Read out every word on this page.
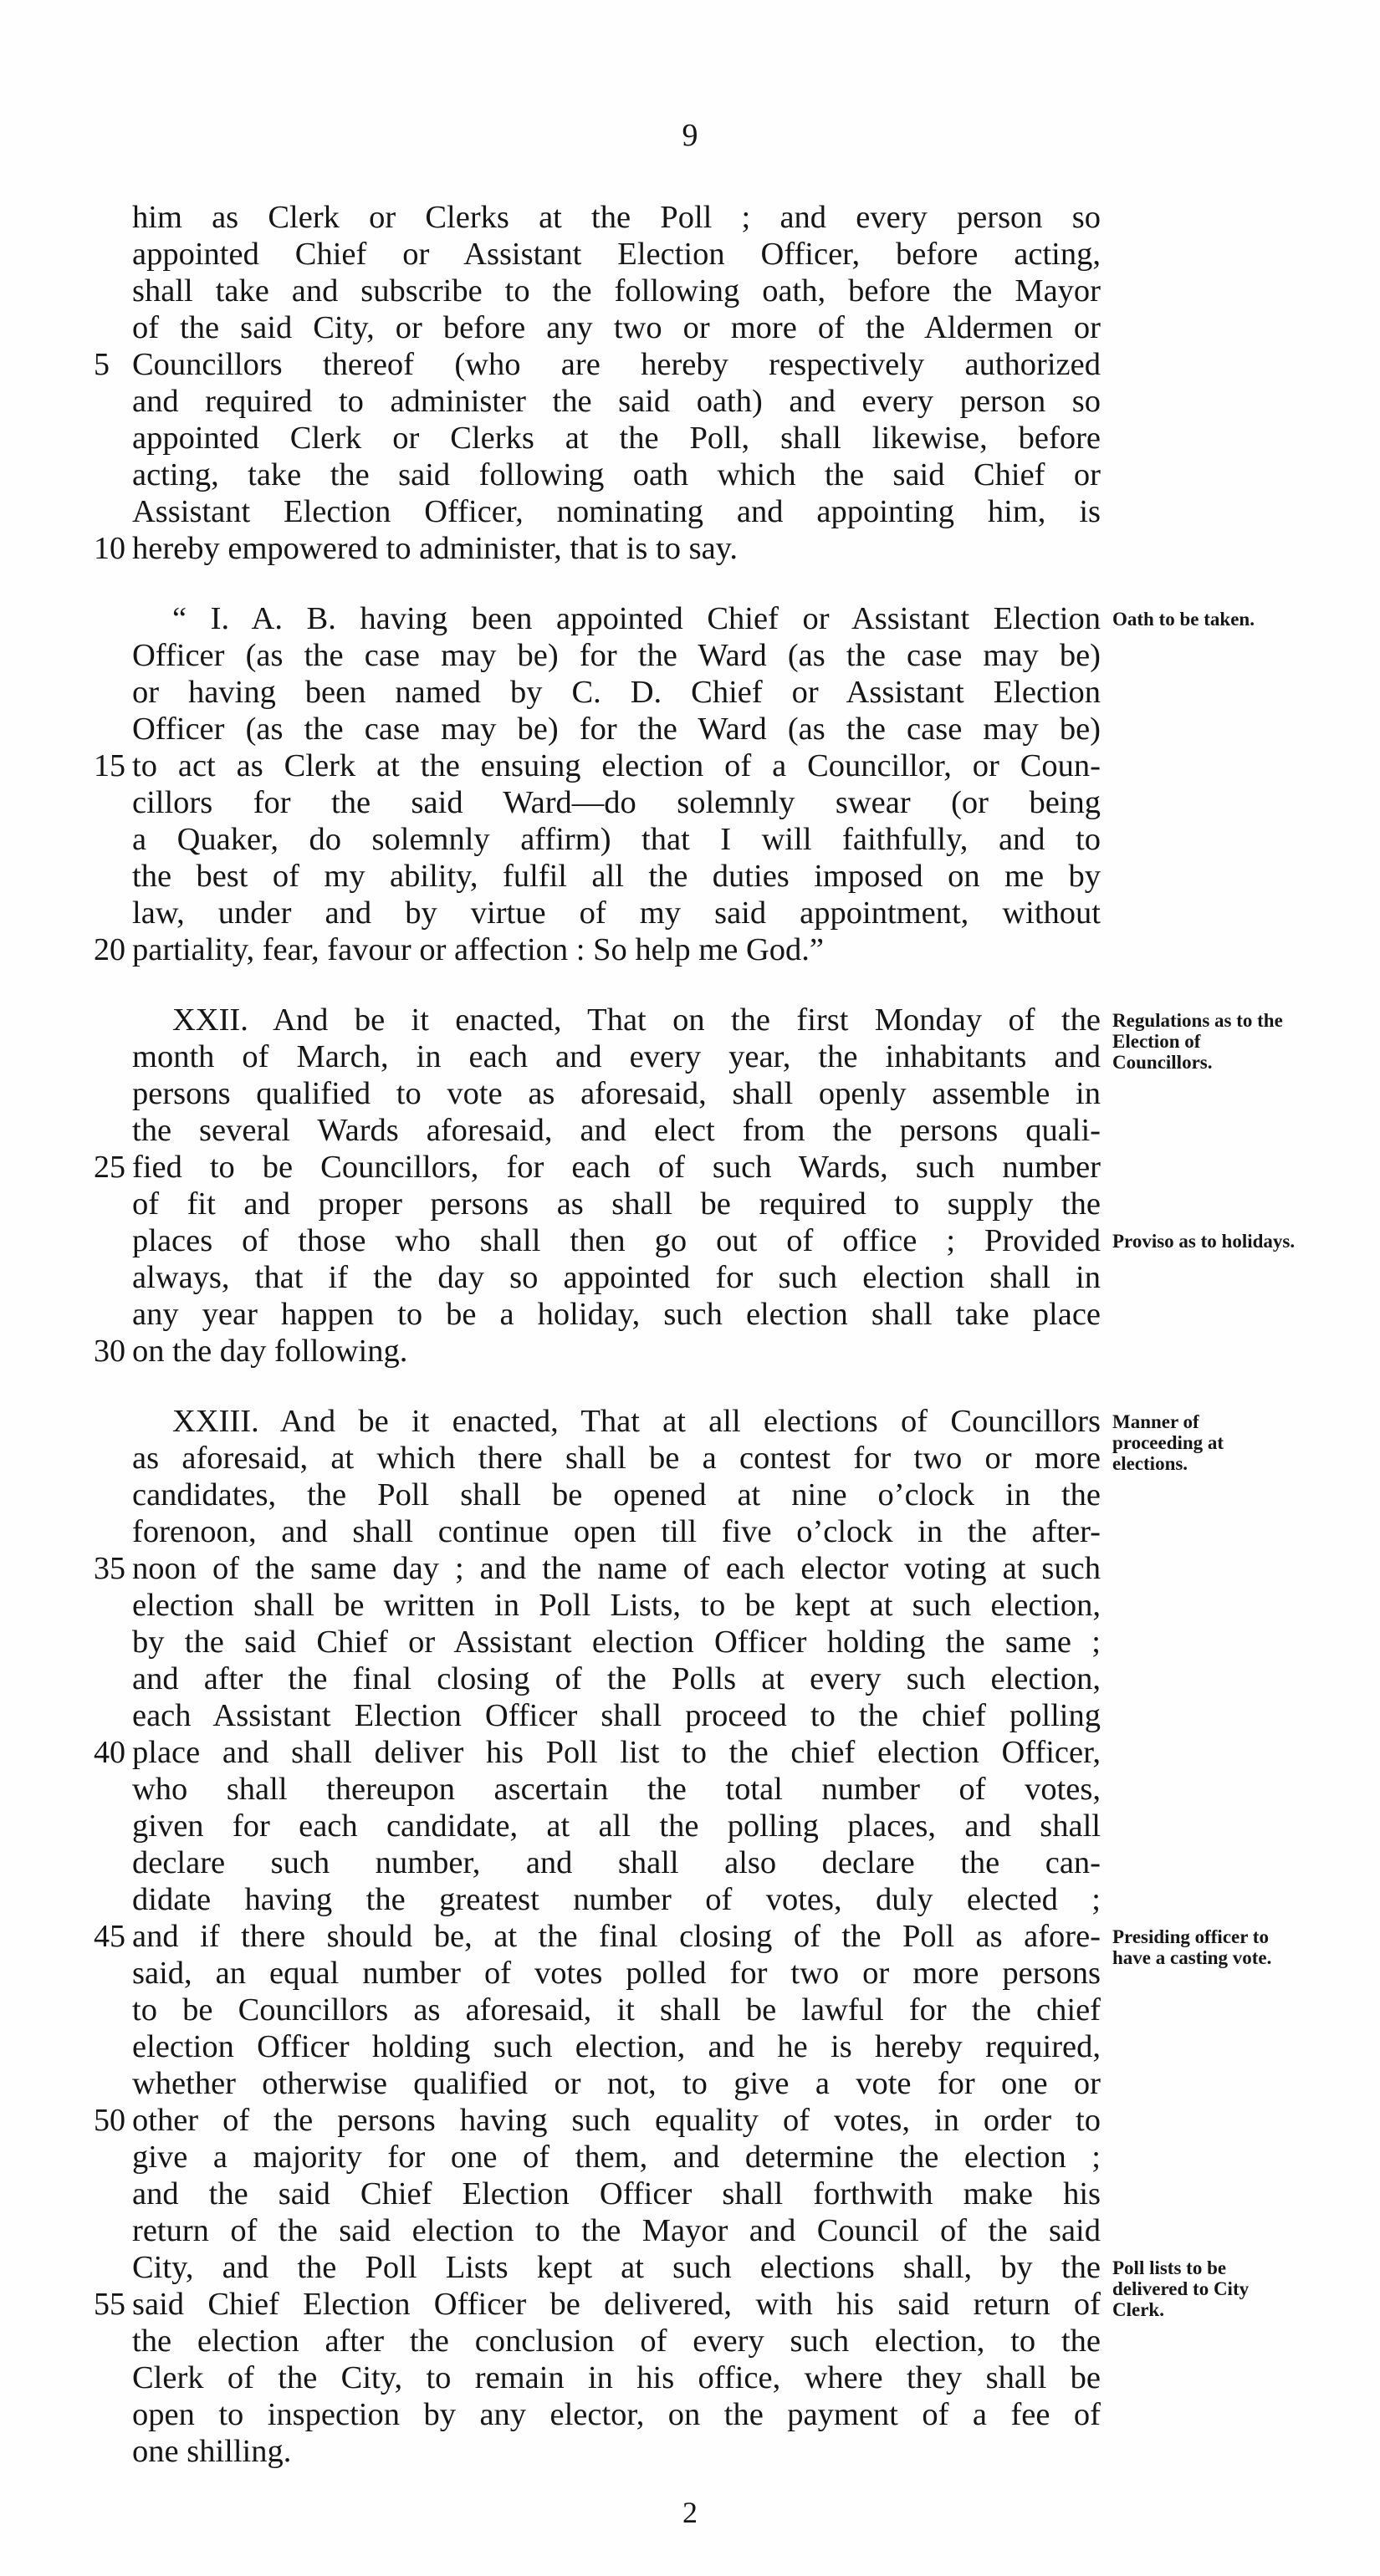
9
him as Clerk or Clerks at the Poll ; and every person so
appointed Chief or Assistant Election Officer, before acting,
shall take and subscribe to the following oath, before the Mayor
of the said City, or before any two or more of the Aldermen or
Councillors thereof (who are hereby respectively authorized
and required to administer the said oath) and every person so
appointed Clerk or Clerks at the Poll, shall likewise, before
acting, take the said following oath which the said Chief or
Assistant Election Officer, nominating and appointing him, is
hereby empowered to administer, that is to say.
“ I. A. B. having been appointed Chief or Assistant Election
Officer (as the case may be) for the Ward (as the case may be)
or having been named by C. D. Chief or Assistant Election
Officer (as the case may be) for the Ward (as the case may be)
to act as Clerk at the ensuing election of a Councillor, or Coun-
cillors for the said Ward—do solemnly swear (or being
a Quaker, do solemnly affirm) that I will faithfully, and to
the best of my ability, fulfil all the duties imposed on me by
law, under and by virtue of my said appointment, without
partiality, fear, favour or affection : So help me God.”
XXII. And be it enacted, That on the first Monday of the
month of March, in each and every year, the inhabitants and
persons qualified to vote as aforesaid, shall openly assemble in
the several Wards aforesaid, and elect from the persons quali-
fied to be Councillors, for each of such Wards, such number
of fit and proper persons as shall be required to supply the
places of those who shall then go out of office ; Provided
always, that if the day so appointed for such election shall in
any year happen to be a holiday, such election shall take place
on the day following.
XXIII. And be it enacted, That at all elections of Councillors
as aforesaid, at which there shall be a contest for two or more
candidates, the Poll shall be opened at nine o’clock in the
forenoon, and shall continue open till five o’clock in the after-
noon of the same day ; and the name of each elector voting at such
election shall be written in Poll Lists, to be kept at such election,
by the said Chief or Assistant election Officer holding the same ;
and after the final closing of the Polls at every such election,
each Assistant Election Officer shall proceed to the chief polling
place and shall deliver his Poll list to the chief election Officer,
who shall thereupon ascertain the total number of votes,
given for each candidate, at all the polling places, and shall
declare such number, and shall also declare the can-
didate having the greatest number of votes, duly elected ;
and if there should be, at the final closing of the Poll as afore-
said, an equal number of votes polled for two or more persons
to be Councillors as aforesaid, it shall be lawful for the chief
election Officer holding such election, and he is hereby required,
whether otherwise qualified or not, to give a vote for one or
other of the persons having such equality of votes, in order to
give a majority for one of them, and determine the election ;
and the said Chief Election Officer shall forthwith make his
return of the said election to the Mayor and Council of the said
City, and the Poll Lists kept at such elections shall, by the
said Chief Election Officer be delivered, with his said return of
the election after the conclusion of every such election, to the
Clerk of the City, to remain in his office, where they shall be
open to inspection by any elector, on the payment of a fee of
one shilling.
5
10
15
20
25
30
35
40
45
50
55
Oath to be taken.
Regulations as to the Election of Councillors.
Proviso as to holidays.
Manner of proceeding at elections.
Presiding officer to have a casting vote.
Poll lists to be delivered to City Clerk.
2
